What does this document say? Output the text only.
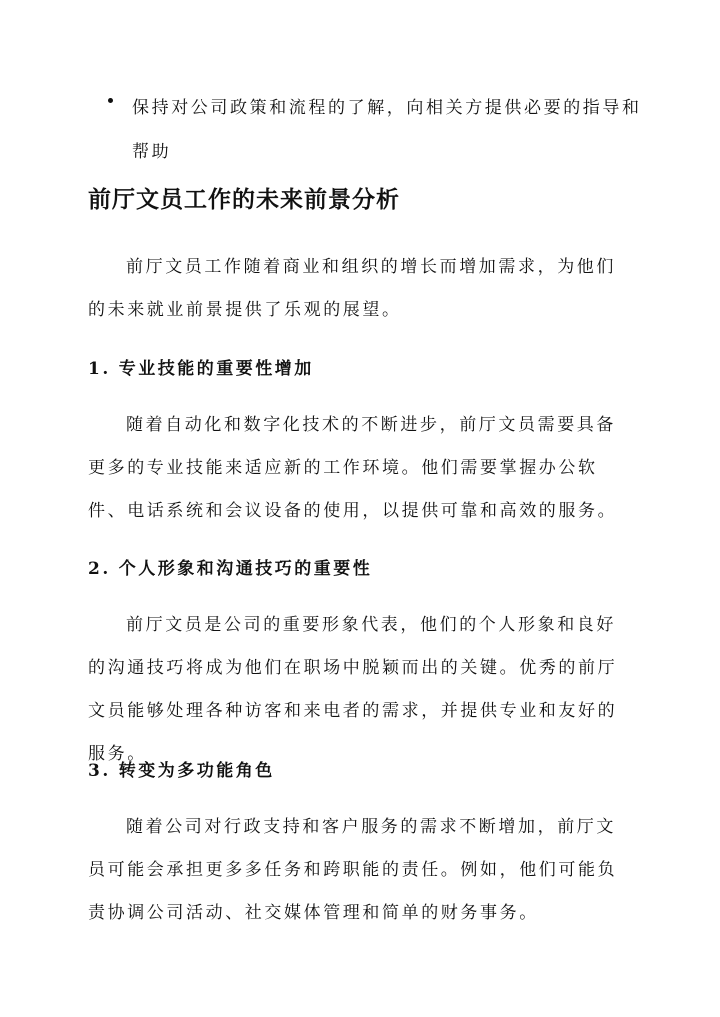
保持对公司政策和流程的了解，向相关方提供必要的指导和帮助
前厅文员工作的未来前景分析
前厅文员工作随着商业和组织的增长而增加需求，为他们的未来就业前景提供了乐观的展望。
1. 专业技能的重要性增加
随着自动化和数字化技术的不断进步，前厅文员需要具备更多的专业技能来适应新的工作环境。他们需要掌握办公软件、电话系统和会议设备的使用，以提供可靠和高效的服务。
2. 个人形象和沟通技巧的重要性
前厅文员是公司的重要形象代表，他们的个人形象和良好的沟通技巧将成为他们在职场中脱颖而出的关键。优秀的前厅文员能够处理各种访客和来电者的需求，并提供专业和友好的服务。
3. 转变为多功能角色
随着公司对行政支持和客户服务的需求不断增加，前厅文员可能会承担更多多任务和跨职能的责任。例如，他们可能负责协调公司活动、社交媒体管理和简单的财务事务。
